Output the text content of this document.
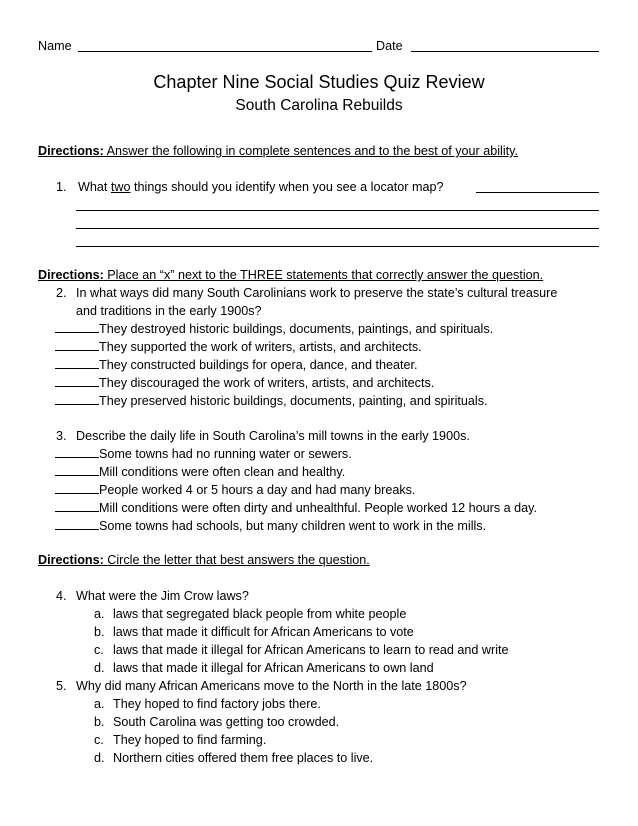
Name	Date
Chapter Nine Social Studies Quiz Review
South Carolina Rebuilds
Directions: Answer the following in complete sentences and to the best of your ability.
1. What two things should you identify when you see a locator map?
Directions: Place an “x” next to the THREE statements that correctly answer the question.
2. In what ways did many South Carolinians work to preserve the state’s cultural treasure
and traditions in the early 1900s?
They destroyed historic buildings, documents, paintings, and spirituals.
They supported the work of writers, artists, and architects.
They constructed buildings for opera, dance, and theater.
They discouraged the work of writers, artists, and architects.
They preserved historic buildings, documents, painting, and spirituals.
3. Describe the daily life in South Carolina’s mill towns in the early 1900s.
Some towns had no running water or sewers.
Mill conditions were often clean and healthy.
People worked 4 or 5 hours a day and had many breaks.
Mill conditions were often dirty and unhealthful. People worked 12 hours a day.
Some towns had schools, but many children went to work in the mills.
Directions: Circle the letter that best answers the question.
4. What were the Jim Crow laws?
a. laws that segregated black people from white people
b. laws that made it difficult for African Americans to vote
c. laws that made it illegal for African Americans to learn to read and write
d. laws that made it illegal for African Americans to own land
5. Why did many African Americans move to the North in the late 1800s?
a. They hoped to find factory jobs there.
b. South Carolina was getting too crowded.
c. They hoped to find farming.
d. Northern cities offered them free places to live.
